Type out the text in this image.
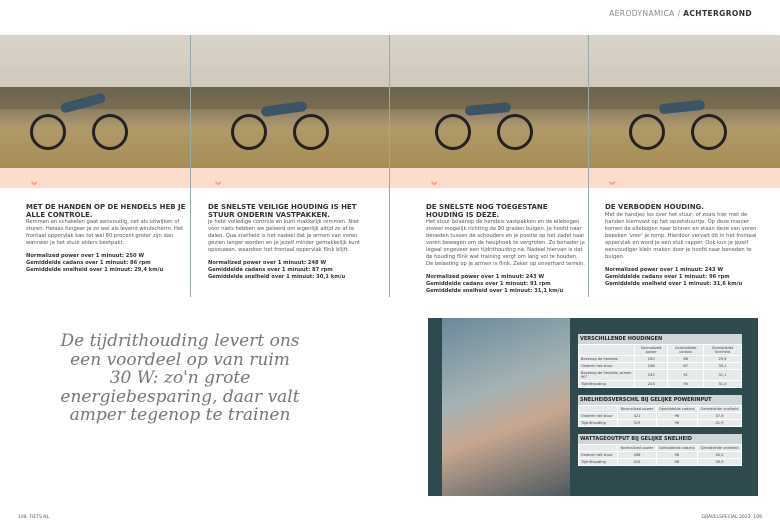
AERODYNAMICA / ACHTERGROND
⌄	⌄	⌄	⌄
MET DE HANDEN OP DE HENDELS HEB JE ALLE CONTROLE.

Remmen en schakelen gaat eenvoudig, net als uitwijken of sturen. Helaas fungeer je zo wel als levend windscherm. Het frontaal oppervlak kan tot wel 80 procent groter zijn dan wanneer je het stuur elders beetpakt.

Normalized power over 1 minuut: 250 W
Gemiddelde cadans over 1 minuut: 86 rpm
Gemiddelde snelheid over 1 minuut: 29,4 km/u
DE SNELSTE VEILIGE HOUDING IS HET STUUR ONDERIN VASTPAKKEN.

Je hebt volledige controle en kunt makkelijk remmen. Niet voor niets hebben we geleerd om eigenlijk altijd zo af te dalen. Qua snelheid is het nadeel dat je armen van voren gezien langer worden en je jezelf minder gemakkelijk kunt opvouwen, waardoor het frontaal oppervlak flink blijft.

Normalized power over 1 minuut: 248 W
Gemiddelde cadans over 1 minuut: 87 rpm
Gemiddelde snelheid over 1 minuut: 30,1 km/u
DE SNELSTE NOG TOEGESTANE HOUDING IS DEZE.

Het stuur bovenop de hendels vastpakken en de ellebogen zoveel mogelijk richting de 90 graden buigen. Je hoofd naar beneden tussen de schouders en je positie op het zadel naar voren bewegen om de heuphoek te vergroten. Zo benader je legaal ongeveer een tijdrithouding na. Nadeel hiervan is dat de houding flink wat training vergt om lang vol te houden. De belasting op je armen is flink. Zeker op onverhard terrein.

Normalized power over 1 minuut: 243 W
Gemiddelde cadans over 1 minuut: 91 rpm
Gemiddelde snelheid over 1 minuut: 31,1 km/u
DE VERBODEN HOUDING.

Met de handjes los over het stuur, of zoals hier met de handen klemvast op het opzetstuurtje. Op deze manier komen de ellebogen naar binnen en staan deze van voren bekeken 'voor' je romp. Hierdoor vervalt dit in het frontaal oppervlak en word je een stuk rapper. Ook kun je jezelf eenvoudiger klein maken door je hoofd naar beneden te buigen.

Normalized power over 1 minuut: 243 W
Gemiddelde cadans over 1 minuut: 96 rpm
Gemiddelde snelheid over 1 minuut: 31,6 km/u
De tijdrithouding levert ons een voordeel op van ruim 30 W: zo'n grote energiebesparing, daar valt amper tegenop te trainen
VERSCHILLENDE HOUDINGEN
	Normalized power	Gemiddelde cadans	Gemiddelde Snelheid
Bovenop de hendels	250	86	29,4
Onderin het stuur	248	87	30,1
Bovenop de hendels, armen 90°	243	91	31,1
Tijdrithouding	243	90	31,0
SNELHEIDSVERSCHIL BIJ GELIJKE POWERINPUT
	Normalized power	Gemiddelde cadans	Gemiddelde snelheid
Onderin het stuur	421	96	37,8
Tijdrithouding	419	96	41,9
WATTAGEOUTPUT BIJ GELIJKE SNELHEID
	Normalized power	Gemiddelde cadans	Gemiddelde snelheid
Onderin het stuur	448	96	40,2
Tijdrithouding	415	96	39,9
108 FIETS.NL	GRAVELSPECIAL 2023 109
